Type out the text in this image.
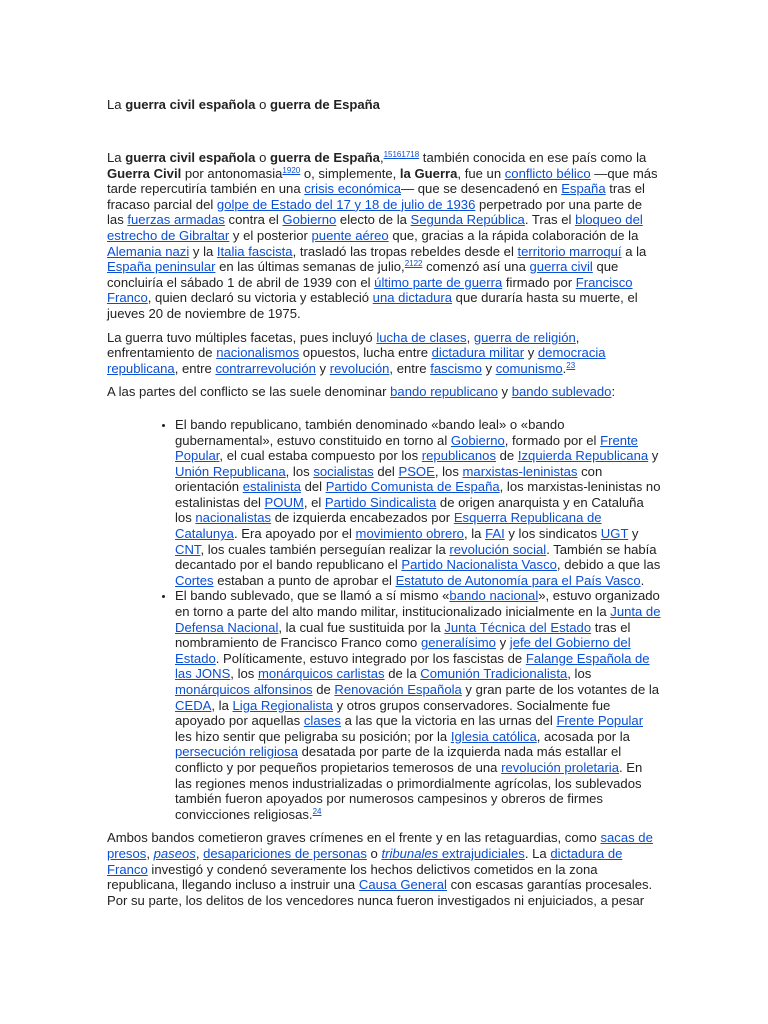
La guerra civil española o guerra de España

La guerra civil española o guerra de España,$^{15161718}$ también conocida en ese país como la Guerra Civil por antonomasia$^{1920}$ o, simplemente, la Guerra, fue un conflicto bélico —que más tarde repercutiría también en una crisis económica— que se desencadenó en España tras el fracaso parcial del golpe de Estado del 17 y 18 de julio de 1936 perpetrado por una parte de las fuerzas armadas contra el Gobierno electo de la Segunda República. Tras el bloqueo del estrecho de Gibraltar y el posterior puente aéreo que, gracias a la rápida colaboración de la Alemania nazi y la Italia fascista, trasladó las tropas rebeldes desde el territorio marroquí a la España peninsular en las últimas semanas de julio,$^{2122}$ comenzó así una guerra civil que concluiría el sábado 1 de abril de 1939 con el último parte de guerra firmado por Francisco Franco, quien declaró su victoria y estableció una dictadura que duraría hasta su muerte, el jueves 20 de noviembre de 1975.

La guerra tuvo múltiples facetas, pues incluyó lucha de clases, guerra de religión, enfrentamiento de nacionalismos opuestos, lucha entre dictadura militar y democracia republicana, entre contrarrevolución y revolución, entre fascismo y comunismo.$^{23}$

A las partes del conflicto se las suele denominar bando republicano y bando sublevado:

• El bando republicano, también denominado «bando leal» o «bando gubernamental», estuvo constituido en torno al Gobierno, formado por el Frente Popular, el cual estaba compuesto por los republicanos de Izquierda Republicana y Unión Republicana, los socialistas del PSOE, los marxistas-leninistas con orientación estalinista del Partido Comunista de España, los marxistas-leninistas no estalinistas del POUM, el Partido Sindicalista de origen anarquista y en Cataluña los nacionalistas de izquierda encabezados por Esquerra Republicana de Catalunya. Era apoyado por el movimiento obrero, la FAI y los sindicatos UGT y CNT, los cuales también perseguían realizar la revolución social. También se había decantado por el bando republicano el Partido Nacionalista Vasco, debido a que las Cortes estaban a punto de aprobar el Estatuto de Autonomía para el País Vasco.
• El bando sublevado, que se llamó a sí mismo «bando nacional», estuvo organizado en torno a parte del alto mando militar, institucionalizado inicialmente en la Junta de Defensa Nacional, la cual fue sustituida por la Junta Técnica del Estado tras el nombramiento de Francisco Franco como generalísimo y jefe del Gobierno del Estado. Políticamente, estuvo integrado por los fascistas de Falange Española de las JONS, los monárquicos carlistas de la Comunión Tradicionalista, los monárquicos alfonsinos de Renovación Española y gran parte de los votantes de la CEDA, la Liga Regionalista y otros grupos conservadores. Socialmente fue apoyado por aquellas clases a las que la victoria en las urnas del Frente Popular les hizo sentir que peligraba su posición; por la Iglesia católica, acosada por la persecución religiosa desatada por parte de la izquierda nada más estallar el conflicto y por pequeños propietarios temerosos de una revolución proletaria. En las regiones menos industrializadas o primordialmente agrícolas, los sublevados también fueron apoyados por numerosos campesinos y obreros de firmes convicciones religiosas.$^{24}$

Ambos bandos cometieron graves crímenes en el frente y en las retaguardias, como sacas de presos, paseos, desapariciones de personas o tribunales extrajudiciales. La dictadura de Franco investigó y condenó severamente los hechos delictivos cometidos en la zona republicana, llegando incluso a instruir una Causa General con escasas garantías procesales. Por su parte, los delitos de los vencedores nunca fueron investigados ni enjuiciados, a pesar
